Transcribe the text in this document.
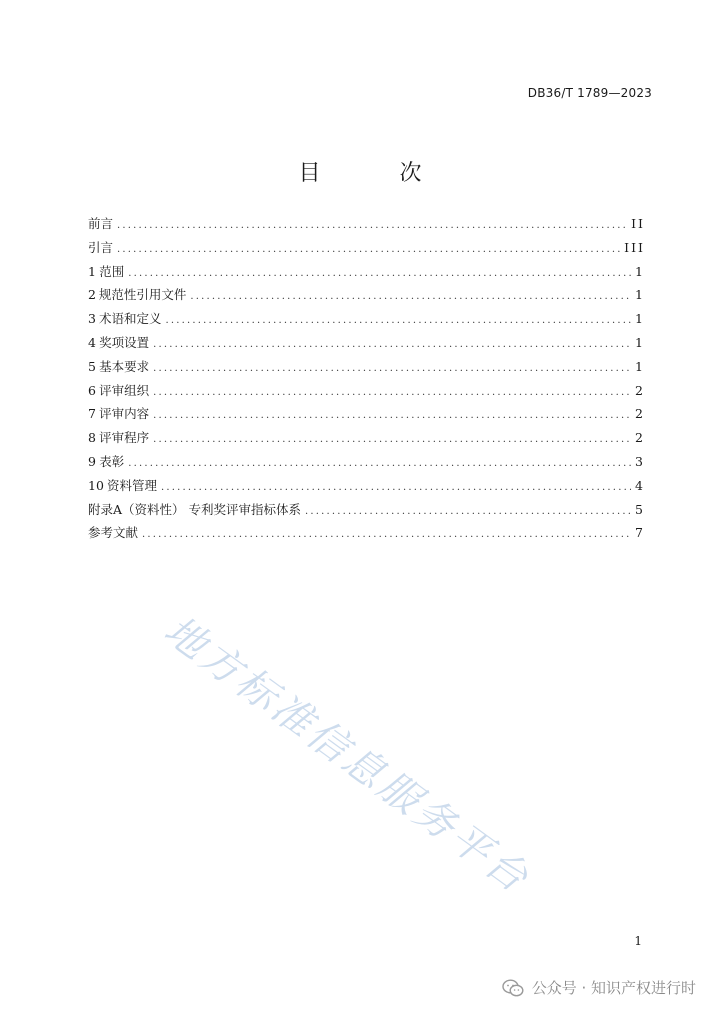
DB36/T 1789—2023
目 次
前言 .....	II
引言 .....	III
1 范围 .....	1
2 规范性引用文件 .....	1
3 术语和定义 .....	1
4 奖项设置 .....	1
5 基本要求 .....	1
6 评审组织 .....	2
7 评审内容 .....	2
8 评审程序 .....	2
9 表彰 .....	3
10 资料管理 .....	4
附录A（资料性） 专利奖评审指标体系 .....	5
参考文献 .....	7
地方标准信息服务平台
1
公众号 · 知识产权进行时
